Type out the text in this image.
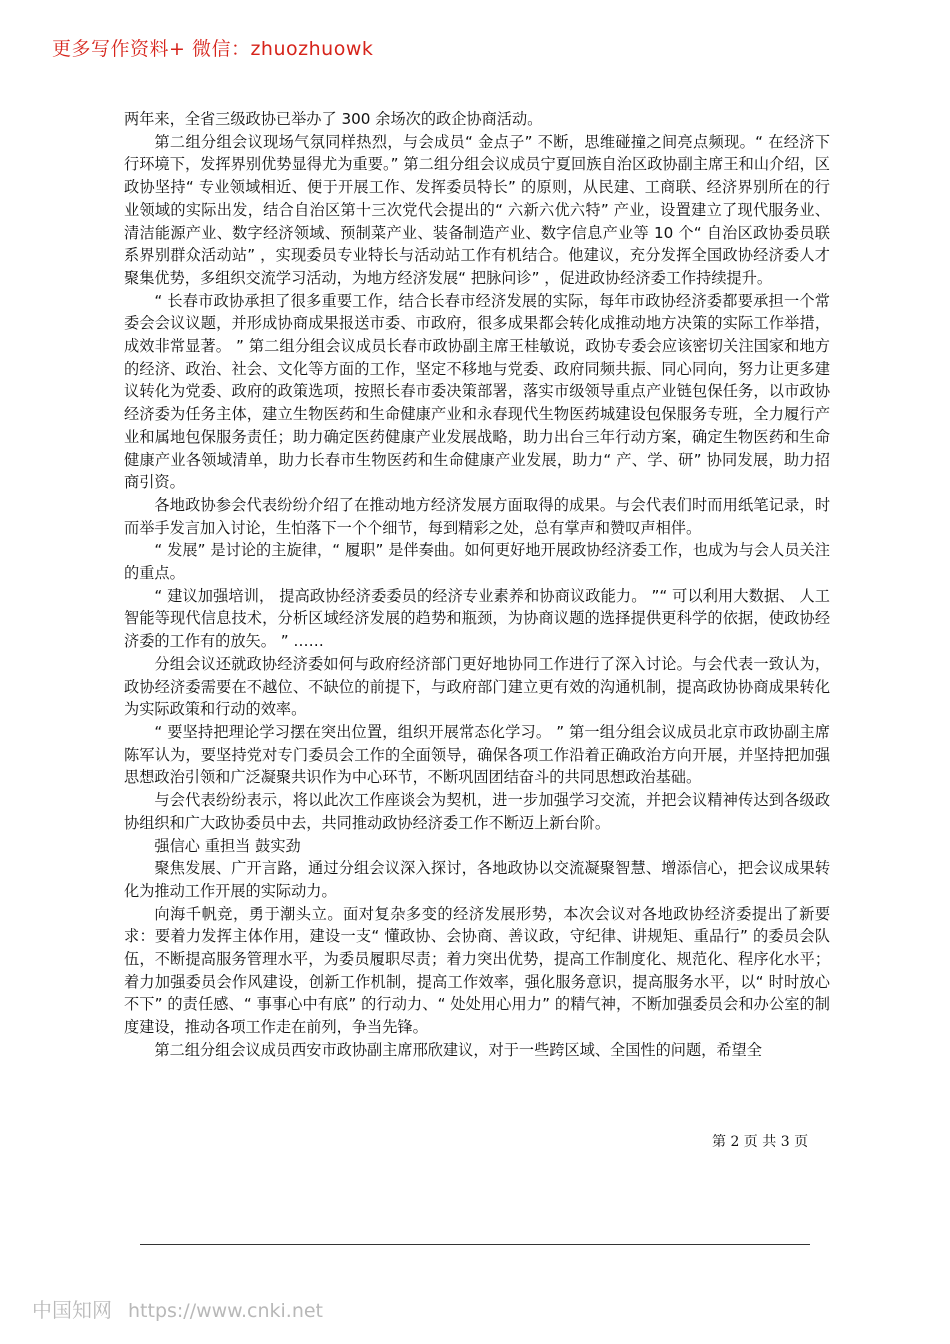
更多写作资料+ 微信：zhuozhuowk

两年来，全省三级政协已举办了 300 余场次的政企协商活动。

第二组分组会议现场气氛同样热烈，与会成员“ 金点子” 不断，思维碰撞之间亮点频现。“ 在经济下行环境下，发挥界别优势显得尤为重要。” 第二组分组会议成员宁夏回族自治区政协副主席王和山介绍，区政协坚持“ 专业领域相近、便于开展工作、发挥委员特长” 的原则，从民建、工商联、经济界别所在的行业领域的实际出发，结合自治区第十三次党代会提出的“ 六新六优六特” 产业，设置建立了现代服务业、清洁能源产业、数字经济领域、预制菜产业、装备制造产业、数字信息产业等 10 个“ 自治区政协委员联系界别群众活动站” ，实现委员专业特长与活动站工作有机结合。他建议，充分发挥全国政协经济委人才聚集优势，多组织交流学习活动，为地方经济发展“ 把脉问诊” ，促进政协经济委工作持续提升。

“ 长春市政协承担了很多重要工作，结合长春市经济发展的实际，每年市政协经济委都要承担一个常委会会议议题，并形成协商成果报送市委、市政府，很多成果都会转化成推动地方决策的实际工作举措，成效非常显著。 ” 第二组分组会议成员长春市政协副主席王桂敏说，政协专委会应该密切关注国家和地方的经济、政治、社会、文化等方面的工作，坚定不移地与党委、政府同频共振、同心同向，努力让更多建议转化为党委、政府的政策选项，按照长春市委决策部署，落实市级领导重点产业链包保任务，以市政协经济委为任务主体，建立生物医药和生命健康产业和永春现代生物医药城建设包保服务专班，全力履行产业和属地包保服务责任；助力确定医药健康产业发展战略，助力出台三年行动方案，确定生物医药和生命健康产业各领域清单，助力长春市生物医药和生命健康产业发展，助力“ 产、学、研” 协同发展，助力招商引资。

各地政协参会代表纷纷介绍了在推动地方经济发展方面取得的成果。与会代表们时而用纸笔记录，时而举手发言加入讨论，生怕落下一个个细节，每到精彩之处，总有掌声和赞叹声相伴。

“ 发展” 是讨论的主旋律，“ 履职” 是伴奏曲。如何更好地开展政协经济委工作，也成为与会人员关注的重点。

“ 建议加强培训， 提高政协经济委委员的经济专业素养和协商议政能力。 ”“ 可以利用大数据、 人工智能等现代信息技术，分析区域经济发展的趋势和瓶颈，为协商议题的选择提供更科学的依据，使政协经济委的工作有的放矢。 ” ……

分组会议还就政协经济委如何与政府经济部门更好地协同工作进行了深入讨论。与会代表一致认为，政协经济委需要在不越位、不缺位的前提下，与政府部门建立更有效的沟通机制，提高政协协商成果转化为实际政策和行动的效率。

“ 要坚持把理论学习摆在突出位置，组织开展常态化学习。 ” 第一组分组会议成员北京市政协副主席陈军认为，要坚持党对专门委员会工作的全面领导，确保各项工作沿着正确政治方向开展，并坚持把加强思想政治引领和广泛凝聚共识作为中心环节，不断巩固团结奋斗的共同思想政治基础。

与会代表纷纷表示，将以此次工作座谈会为契机，进一步加强学习交流，并把会议精神传达到各级政协组织和广大政协委员中去，共同推动政协经济委工作不断迈上新台阶。

强信心 重担当 鼓实劲

聚焦发展、广开言路，通过分组会议深入探讨，各地政协以交流凝聚智慧、增添信心，把会议成果转化为推动工作开展的实际动力。

向海千帆竞，勇于潮头立。面对复杂多变的经济发展形势，本次会议对各地政协经济委提出了新要求：要着力发挥主体作用，建设一支“ 懂政协、会协商、善议政，守纪律、讲规矩、重品行” 的委员会队伍，不断提高服务管理水平，为委员履职尽责；着力突出优势，提高工作制度化、规范化、程序化水平；着力加强委员会作风建设，创新工作机制，提高工作效率，强化服务意识，提高服务水平，以“ 时时放心不下” 的责任感、“ 事事心中有底” 的行动力、“ 处处用心用力” 的精气神，不断加强委员会和办公室的制度建设，推动各项工作走在前列，争当先锋。

第二组分组会议成员西安市政协副主席邢欣建议，对于一些跨区域、全国性的问题，希望全

第 2 页 共 3 页
中国知网 https://www.cnki.net
